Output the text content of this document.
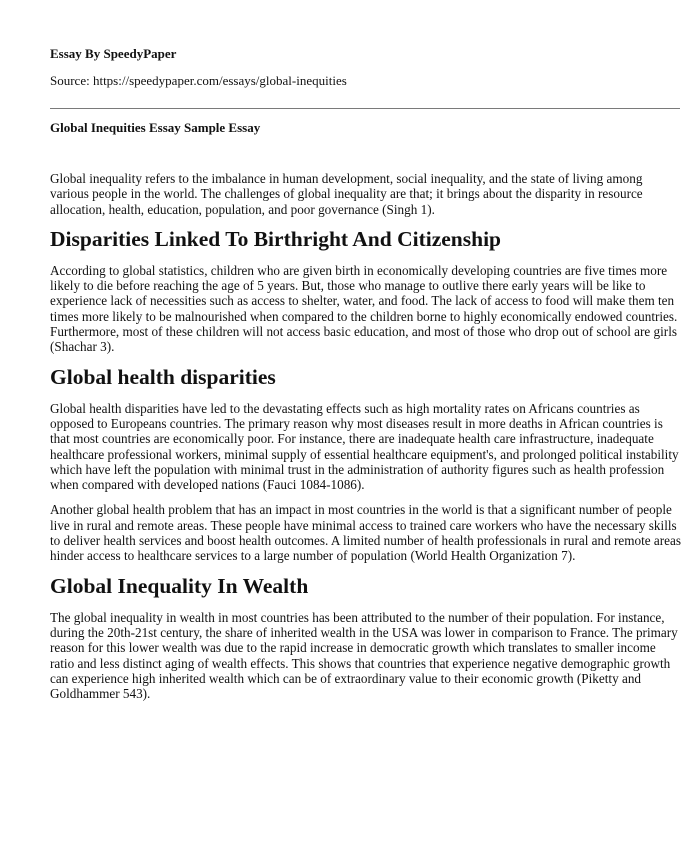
Essay By SpeedyPaper
Source: https://speedypaper.com/essays/global-inequities
Global Inequities Essay Sample Essay

Global inequality refers to the imbalance in human development, social inequality, and the state of living among various people in the world. The challenges of global inequality are that; it brings about the disparity in resource allocation, health, education, population, and poor governance (Singh 1).

Disparities Linked To Birthright And Citizenship

According to global statistics, children who are given birth in economically developing countries are five times more likely to die before reaching the age of 5 years. But, those who manage to outlive there early years will be like to experience lack of necessities such as access to shelter, water, and food. The lack of access to food will make them ten times more likely to be malnourished when compared to the children borne to highly economically endowed countries. Furthermore, most of these children will not access basic education, and most of those who drop out of school are girls (Shachar 3).

Global health disparities

Global health disparities have led to the devastating effects such as high mortality rates on Africans countries as opposed to Europeans countries. The primary reason why most diseases result in more deaths in African countries is that most countries are economically poor. For instance, there are inadequate health care infrastructure, inadequate healthcare professional workers, minimal supply of essential healthcare equipment's, and prolonged political instability which have left the population with minimal trust in the administration of authority figures such as health profession when compared with developed nations (Fauci 1084-1086).

Another global health problem that has an impact in most countries in the world is that a significant number of people live in rural and remote areas. These people have minimal access to trained care workers who have the necessary skills to deliver health services and boost health outcomes. A limited number of health professionals in rural and remote areas hinder access to healthcare services to a large number of population (World Health Organization 7).

Global Inequality In Wealth

The global inequality in wealth in most countries has been attributed to the number of their population. For instance, during the 20th-21st century, the share of inherited wealth in the USA was lower in comparison to France. The primary reason for this lower wealth was due to the rapid increase in democratic growth which translates to smaller income ratio and less distinct aging of wealth effects. This shows that countries that experience negative demographic growth can experience high inherited wealth which can be of extraordinary value to their economic growth (Piketty and Goldhammer 543).
